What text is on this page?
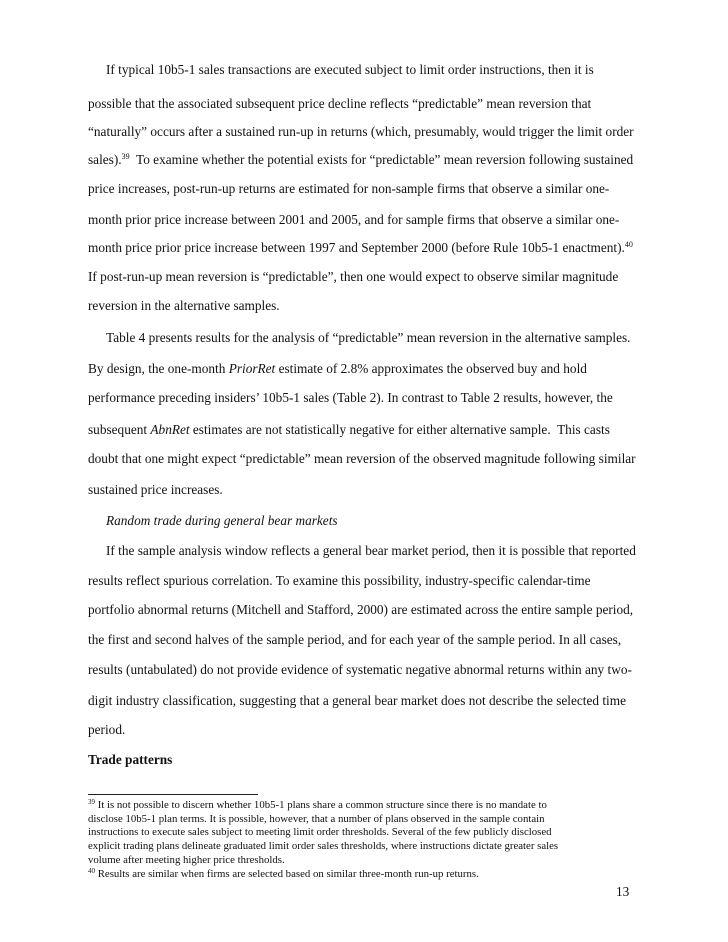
If typical 10b5-1 sales transactions are executed subject to limit order instructions, then it is
possible that the associated subsequent price decline reflects “predictable” mean reversion that
“naturally” occurs after a sustained run-up in returns (which, presumably, would trigger the limit order
sales).$^{39}$  To examine whether the potential exists for “predictable” mean reversion following sustained
price increases, post-run-up returns are estimated for non-sample firms that observe a similar one-
month prior price increase between 2001 and 2005, and for sample firms that observe a similar one-
month price prior price increase between 1997 and September 2000 (before Rule 10b5-1 enactment).$^{40}$
If post-run-up mean reversion is “predictable”, then one would expect to observe similar magnitude
reversion in the alternative samples.
Table 4 presents results for the analysis of “predictable” mean reversion in the alternative samples.
By design, the one-month PriorRet estimate of 2.8% approximates the observed buy and hold
performance preceding insiders’ 10b5-1 sales (Table 2). In contrast to Table 2 results, however, the
subsequent AbnRet estimates are not statistically negative for either alternative sample.  This casts
doubt that one might expect “predictable” mean reversion of the observed magnitude following similar
sustained price increases.
Random trade during general bear markets
If the sample analysis window reflects a general bear market period, then it is possible that reported
results reflect spurious correlation. To examine this possibility, industry-specific calendar-time
portfolio abnormal returns (Mitchell and Stafford, 2000) are estimated across the entire sample period,
the first and second halves of the sample period, and for each year of the sample period. In all cases,
results (untabulated) do not provide evidence of systematic negative abnormal returns within any two-
digit industry classification, suggesting that a general bear market does not describe the selected time
period.
Trade patterns
$^{39}$ It is not possible to discern whether 10b5-1 plans share a common structure since there is no mandate to
disclose 10b5-1 plan terms. It is possible, however, that a number of plans observed in the sample contain
instructions to execute sales subject to meeting limit order thresholds. Several of the few publicly disclosed
explicit trading plans delineate graduated limit order sales thresholds, where instructions dictate greater sales
volume after meeting higher price thresholds.
$^{40}$ Results are similar when firms are selected based on similar three-month run-up returns.
13
